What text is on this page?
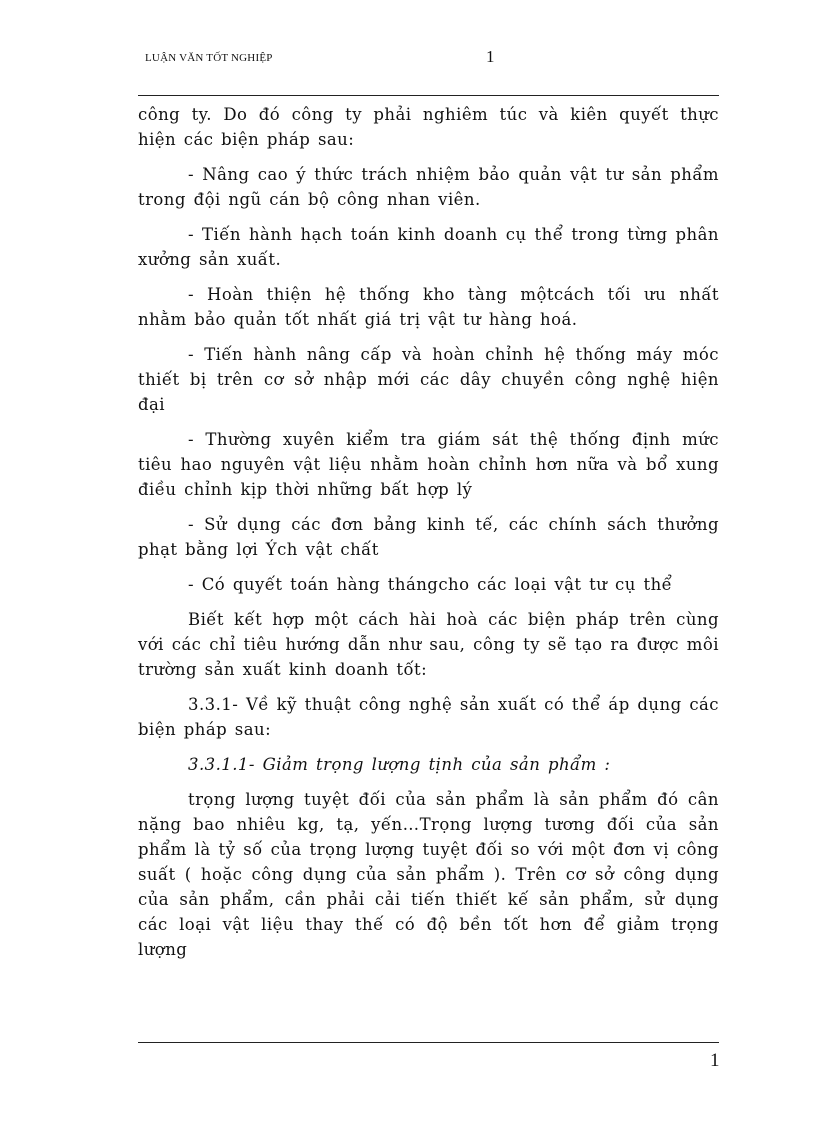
LUẬN VĂN TỐT NGHIỆP	1

công ty. Do đó công ty phải nghiêm túc và kiên quyết thực hiện các biện pháp sau:

- Nâng cao ý thức trách nhiệm bảo quản vật tư sản phẩm trong đội ngũ cán bộ công nhan viên.

- Tiến hành hạch toán kinh doanh cụ thể trong từng phân xưởng sản xuất.

- Hoàn thiện hệ thống kho tàng mộtcách tối ưu nhất nhằm bảo quản tốt nhất giá trị vật tư hàng hoá.

- Tiến hành nâng cấp và hoàn chỉnh hệ thống máy móc thiết bị trên cơ sở nhập mới các dây chuyền công nghệ hiện đại

- Thường xuyên kiểm tra giám sát thệ thống định mức tiêu hao nguyên vật liệu nhằm hoàn chỉnh hơn nữa và bổ xung điều chỉnh kịp thời những bất hợp lý

- Sử dụng các đơn bảng kinh tế, các chính sách thưởng phạt bằng lợi Ých vật chất

- Có quyết toán hàng thángcho các loại vật tư cụ thể

Biết kết hợp một cách hài hoà các biện pháp trên cùng với các chỉ tiêu hướng dẫn như sau, công ty sẽ tạo ra được môi trường sản xuất kinh doanh tốt:

3.3.1- Về kỹ thuật công nghệ sản xuất có thể áp dụng các biện pháp sau:

3.3.1.1- Giảm trọng lượng tịnh của sản phẩm :

trọng lượng tuyệt đối của sản phẩm là sản phẩm đó cân nặng bao nhiêu kg, tạ, yến…Trọng lượng tương đối của sản phẩm là tỷ số của trọng lượng tuyệt đối so với một đơn vị công suất ( hoặc công dụng của sản phẩm ). Trên cơ sở công dụng của sản phẩm, cần phải cải tiến thiết kế sản phẩm, sử dụng các loại vật liệu thay thế có độ bền tốt hơn để giảm trọng lượng

1
